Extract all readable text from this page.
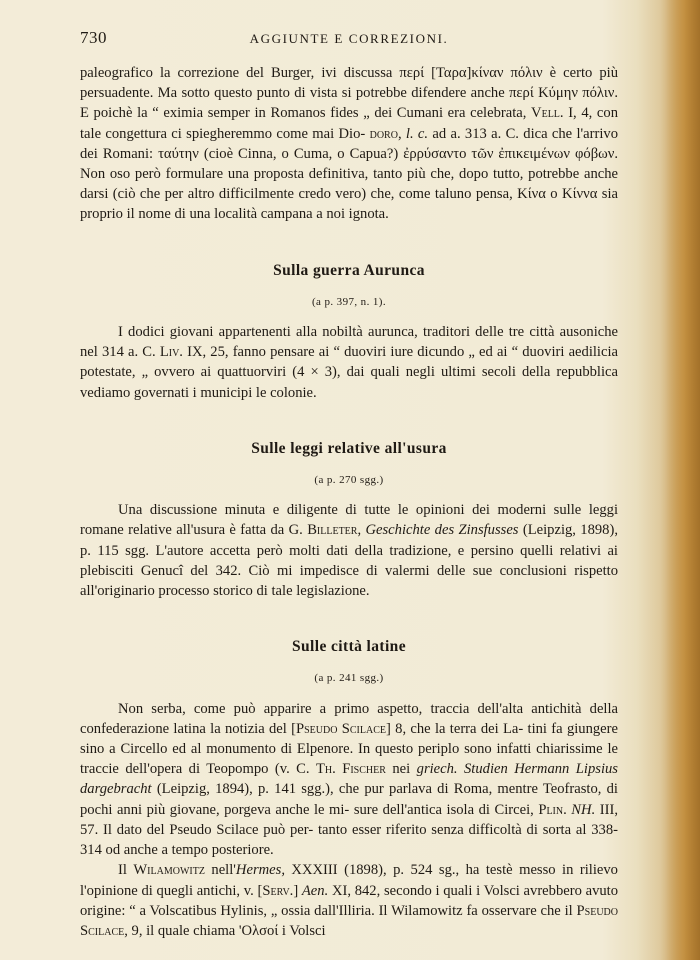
730	AGGIUNTE E CORREZIONI.

paleografico la correzione del Burger, ivi discussa περί [Ταρα]κίναν πόλιν è certo più persuadente. Ma sotto questo punto di vista si potrebbe difendere anche περί Κύμην πόλιν. E poichè la “ eximia semper in Romanos fides „ dei Cumani era celebrata, Vell. I, 4, con tale congettura ci spiegheremmo come mai Dio- doro, l. c. ad a. 313 a. C. dica che l'arrivo dei Romani: ταύτην (cioè Cinna, o Cuma, o Capua?) ἐρρύσαντο τῶν ἐπικειμένων φόβων. Non oso però formulare una proposta definitiva, tanto più che, dopo tutto, potrebbe anche darsi (ciò che per altro difficilmente credo vero) che, come taluno pensa, Κίνα o Κίννα sia proprio il nome di una località campana a noi ignota.

Sulla guerra Aurunca
(a p. 397, n. 1).

I dodici giovani appartenenti alla nobiltà aurunca, traditori delle tre città ausoniche nel 314 a. C. Liv. IX, 25, fanno pensare ai “ duoviri iure dicundo „ ed ai “ duoviri aedilicia potestate, „ ovvero ai quattuorviri (4 × 3), dai quali negli ultimi secoli della repubblica vediamo governati i municipi le colonie.

Sulle leggi relative all'usura
(a p. 270 sgg.)

Una discussione minuta e diligente di tutte le opinioni dei moderni sulle leggi romane relative all'usura è fatta da G. Billeter, Geschichte des Zinsfusses (Leipzig, 1898), p. 115 sgg. L'autore accetta però molti dati della tradizione, e persino quelli relativi ai plebisciti Genucî del 342. Ciò mi impedisce di valermi delle sue conclusioni rispetto all'originario processo storico di tale legislazione.

Sulle città latine
(a p. 241 sgg.)

Non serba, come può apparire a primo aspetto, traccia dell'alta antichità della confederazione latina la notizia del [Pseudo Scilace] 8, che la terra dei La- tini fa giungere sino a Circello ed al monumento di Elpenore. In questo periplo sono infatti chiarissime le traccie dell'opera di Teopompo (v. C. Th. Fischer nei griech. Studien Hermann Lipsius dargebracht (Leipzig, 1894), p. 141 sgg.), che pur parlava di Roma, mentre Teofrasto, di pochi anni più giovane, porgeva anche le mi- sure dell'antica isola di Circei, Plin. NH. III, 57. Il dato del Pseudo Scilace può per- tanto esser riferito senza difficoltà di sorta al 338-314 od anche a tempo posteriore.

Il Wilamowitz nell'Hermes, XXXIII (1898), p. 524 sg., ha testè messo in rilievo l'opinione di quegli antichi, v. [Serv.] Aen. XI, 842, secondo i quali i Volsci avrebbero avuto origine: “ a Volscatibus Hylinis, „ ossia dall'Illiria. Il Wilamowitz fa osservare che il Pseudo Scilace, 9, il quale chiama 'Ολσοί i Volsci
